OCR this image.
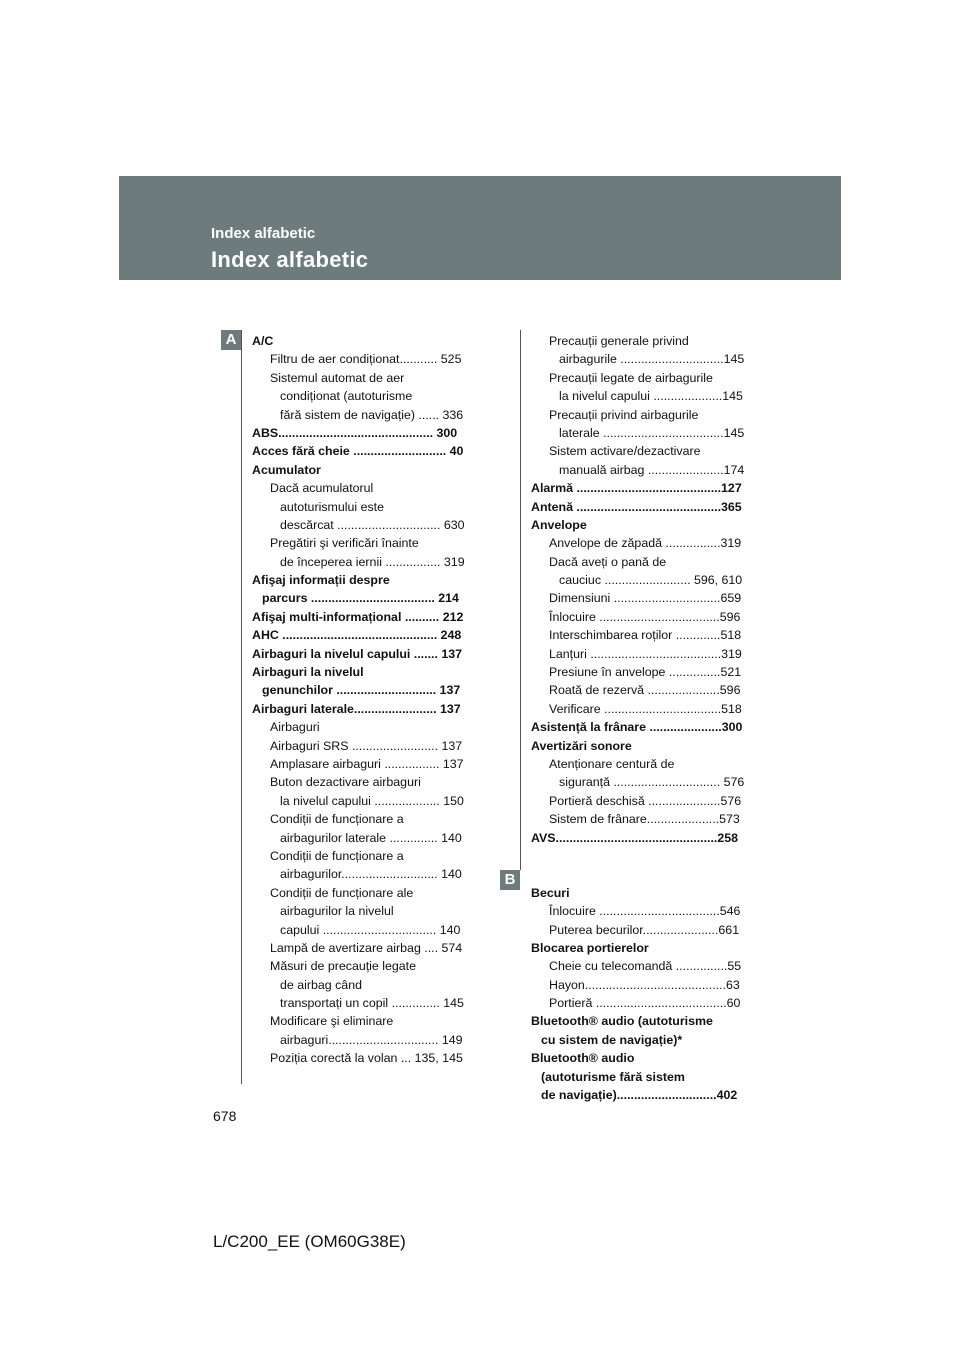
Index alfabetic
Index alfabetic
A
B
A/C
Filtru de aer condiționat........... 525
Sistemul automat de aer
condiționat (autoturisme
fără sistem de navigație) ...... 336
ABS............................................. 300
Acces fără cheie ........................... 40
Acumulator
Dacă acumulatorul
autoturismului este
descărcat .............................. 630
Pregătiri şi verificări înainte
de începerea iernii ................ 319
Afişaj informații despre
parcurs .................................... 214
Afişaj multi-informațional .......... 212
AHC ............................................. 248
Airbaguri la nivelul capului ....... 137
Airbaguri la nivelul
genunchilor ............................. 137
Airbaguri laterale........................ 137
Airbaguri
Airbaguri SRS ......................... 137
Amplasare airbaguri ................ 137
Buton dezactivare airbaguri
la nivelul capului ................... 150
Condiții de funcționare a
airbagurilor laterale .............. 140
Condiții de funcționare a
airbagurilor............................ 140
Condiții de funcționare ale
airbagurilor la nivelul
capului ................................. 140
Lampă de avertizare airbag .... 574
Măsuri de precauție legate
de airbag când
transportați un copil .............. 145
Modificare şi eliminare
airbaguri................................ 149
Poziția corectă la volan ... 135, 145
Precauții generale privind
airbagurile ..............................145
Precauții legate de airbagurile
la nivelul capului ....................145
Precauții privind airbagurile
laterale ...................................145
Sistem activare/dezactivare
manuală airbag ......................174
Alarmă ..........................................127
Antenă ..........................................365
Anvelope
Anvelope de zăpadă ................319
Dacă aveți o pană de
cauciuc ......................... 596, 610
Dimensiuni ...............................659
Înlocuire ...................................596
Interschimbarea roților .............518
Lanțuri ......................................319
Presiune în anvelope ...............521
Roată de rezervă .....................596
Verificare ..................................518
Asistență la frânare .....................300
Avertizări sonore
Atenționare centură de
siguranță ............................... 576
Portieră deschisă .....................576
Sistem de frânare.....................573
AVS...............................................258
Becuri
Înlocuire ...................................546
Puterea becurilor......................661
Blocarea portierelor
Cheie cu telecomandă ...............55
Hayon.........................................63
Portieră ......................................60
Bluetooth® audio (autoturisme
cu sistem de navigație)*
Bluetooth® audio
(autoturisme fără sistem
de navigație).............................402
678
L/C200_EE (OM60G38E)
